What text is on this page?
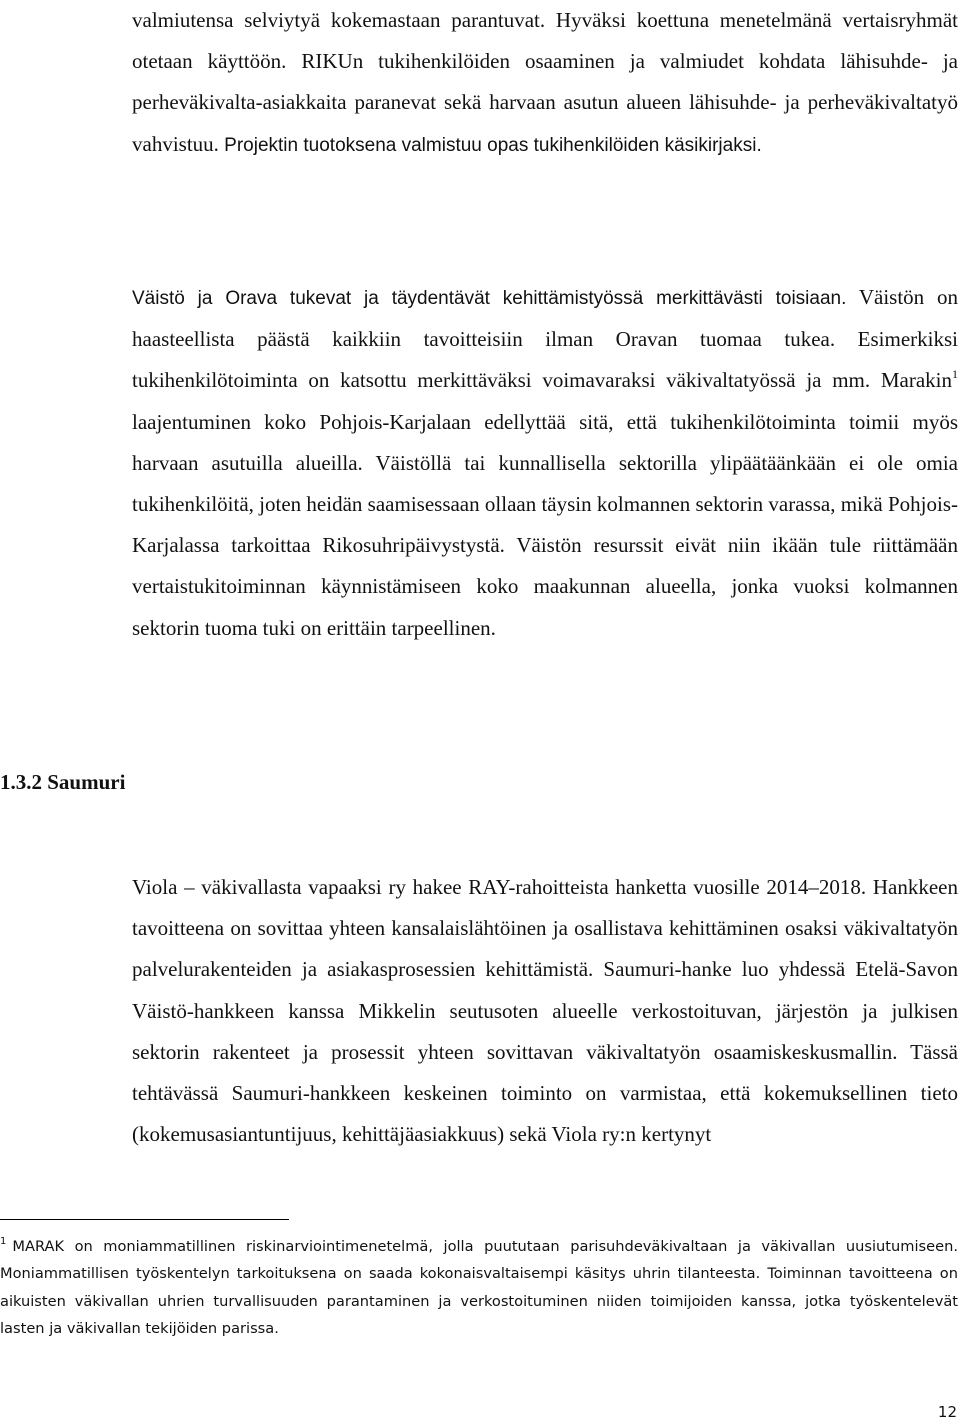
valmiutensa selviytyä kokemastaan parantuvat. Hyväksi koettuna menetelmänä vertaisryhmät otetaan käyttöön. RIKUn tukihenkilöiden osaaminen ja valmiudet kohdata lähisuhde- ja perheväkivalta-asiakkaita paranevat sekä harvaan asutun alueen lähisuhde- ja perheväkivaltatyö vahvistuu. Projektin tuotoksena valmistuu opas tukihenkilöiden käsikirjaksi.

Väistö ja Orava tukevat ja täydentävät kehittämistyössä merkittävästi toisiaan. Väistön on haasteellista päästä kaikkiin tavoitteisiin ilman Oravan tuomaa tukea. Esimerkiksi tukihenkilötoiminta on katsottu merkittäväksi voimavaraksi väkivaltatyössä ja mm. Marakin$^1$ laajentuminen koko Pohjois-Karjalaan edellyttää sitä, että tukihenkilötoiminta toimii myös harvaan asutuilla alueilla. Väistöllä tai kunnallisella sektorilla ylipäätäänkään ei ole omia tukihenkilöitä, joten heidän saamisessaan ollaan täysin kolmannen sektorin varassa, mikä Pohjois-Karjalassa tarkoittaa Rikosuhripäivystystä. Väistön resurssit eivät niin ikään tule riittämään vertaistukitoiminnan käynnistämiseen koko maakunnan alueella, jonka vuoksi kolmannen sektorin tuoma tuki on erittäin tarpeellinen.

1.3.2 Saumuri

Viola – väkivallasta vapaaksi ry hakee RAY-rahoitteista hanketta vuosille 2014–2018. Hankkeen tavoitteena on sovittaa yhteen kansalaislähtöinen ja osallistava kehittäminen osaksi väkivaltatyön palvelurakenteiden ja asiakasprosessien kehittämistä. Saumuri-hanke luo yhdessä Etelä-Savon Väistö-hankkeen kanssa Mikkelin seutusoten alueelle verkostoituvan, järjestön ja julkisen sektorin rakenteet ja prosessit yhteen sovittavan väkivaltatyön osaamiskeskusmallin. Tässä tehtävässä Saumuri-hankkeen keskeinen toiminto on varmistaa, että kokemuksellinen tieto (kokemusasiantuntijuus, kehittäjäasiakkuus) sekä Viola ry:n kertynyt

$^1$ MARAK on moniammatillinen riskinarviointimenetelmä, jolla puututaan parisuhdeväkivaltaan ja väkivallan uusiutumiseen. Moniammatillisen työskentelyn tarkoituksena on saada kokonaisvaltaisempi käsitys uhrin tilanteesta. Toiminnan tavoitteena on aikuisten väkivallan uhrien turvallisuuden parantaminen ja verkostoituminen niiden toimijoiden kanssa, jotka työskentelevät lasten ja väkivallan tekijöiden parissa.

12
